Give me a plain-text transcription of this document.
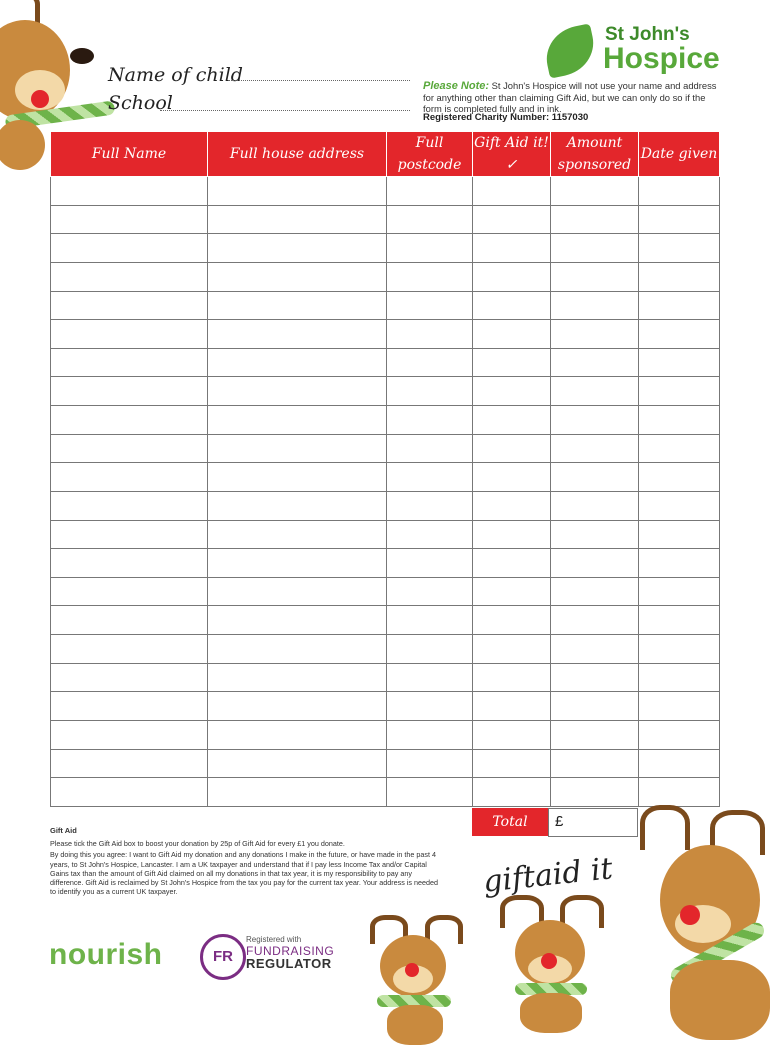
Name of child
School
St John's
Hospice
Please Note: St John's Hospice will not use your name and address for anything other than claiming Gift Aid, but we can only do so if the form is completed fully and in ink.
Registered Charity Number: 1157030
Full Name	Full house address	Full postcode	Gift Aid it! ✓	Amount sponsored	Date given

Total	£
Gift Aid

Please tick the Gift Aid box to boost your donation by 25p of Gift Aid for every £1 you donate.

By doing this you agree: I want to Gift Aid my donation and any donations I make in the future, or have made in the past 4 years, to St John's Hospice, Lancaster. I am a UK taxpayer and understand that if I pay less Income Tax and/or Capital Gains tax than the amount of Gift Aid claimed on all my donations in that tax year, it is my responsibility to pay any difference. Gift Aid is reclaimed by St John's Hospice from the tax you pay for the current tax year. Your address is needed to identify you as a current UK taxpayer.	giftaid it
nourish	FR
Registered with
FUNDRAISING
REGULATOR
